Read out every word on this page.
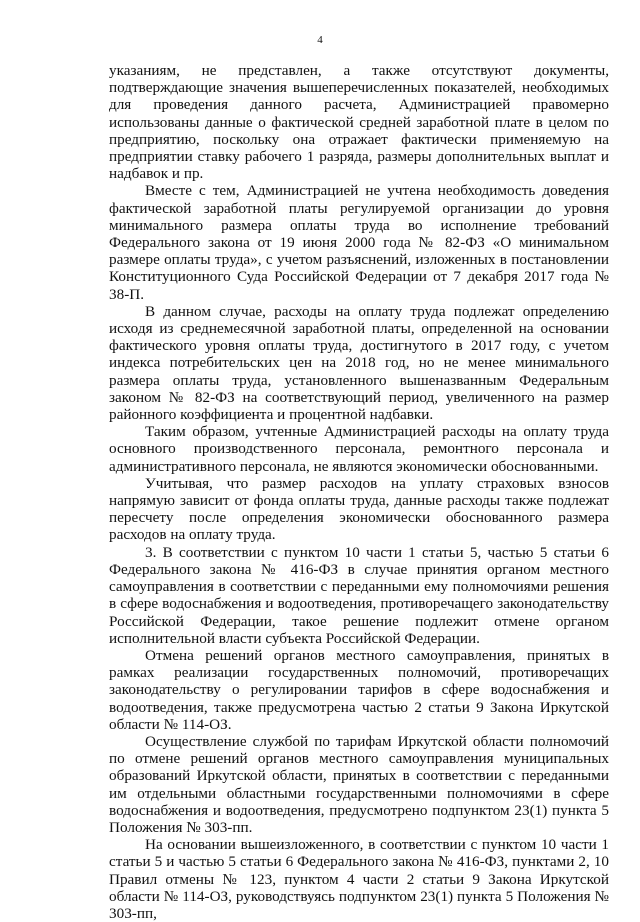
4

указаниям, не представлен, а также отсутствуют документы, подтверждающие значения вышеперечисленных показателей, необходимых для проведения данного расчета, Администрацией правомерно использованы данные о фактической средней заработной плате в целом по предприятию, поскольку она отражает фактически применяемую на предприятии ставку рабочего 1 разряда, размеры дополнительных выплат и надбавок и пр.

Вместе с тем, Администрацией не учтена необходимость доведения фактической заработной платы регулируемой организации до уровня минимального размера оплаты труда во исполнение требований Федерального закона от 19 июня 2000 года № 82-ФЗ «О минимальном размере оплаты труда», с учетом разъяснений, изложенных в постановлении Конституционного Суда Российской Федерации от 7 декабря 2017 года № 38-П.

В данном случае, расходы на оплату труда подлежат определению исходя из среднемесячной заработной платы, определенной на основании фактического уровня оплаты труда, достигнутого в 2017 году, с учетом индекса потребительских цен на 2018 год, но не менее минимального размера оплаты труда, установленного вышеназванным Федеральным законом № 82-ФЗ на соответствующий период, увеличенного на размер районного коэффициента и процентной надбавки.

Таким образом, учтенные Администрацией расходы на оплату труда основного производственного персонала, ремонтного персонала и административного персонала, не являются экономически обоснованными.

Учитывая, что размер расходов на уплату страховых взносов напрямую зависит от фонда оплаты труда, данные расходы также подлежат пересчету после определения экономически обоснованного размера расходов на оплату труда.

3. В соответствии с пунктом 10 части 1 статьи 5, частью 5 статьи 6 Федерального закона № 416-ФЗ в случае принятия органом местного самоуправления в соответствии с переданными ему полномочиями решения в сфере водоснабжения и водоотведения, противоречащего законодательству Российской Федерации, такое решение подлежит отмене органом исполнительной власти субъекта Российской Федерации.

Отмена решений органов местного самоуправления, принятых в рамках реализации государственных полномочий, противоречащих законодательству о регулировании тарифов в сфере водоснабжения и водоотведения, также предусмотрена частью 2 статьи 9 Закона Иркутской области № 114-ОЗ.

Осуществление службой по тарифам Иркутской области полномочий по отмене решений органов местного самоуправления муниципальных образований Иркутской области, принятых в соответствии с переданными им отдельными областными государственными полномочиями в сфере водоснабжения и водоотведения, предусмотрено подпунктом 23(1) пункта 5 Положения № 303-пп.

На основании вышеизложенного, в соответствии с пунктом 10 части 1 статьи 5 и частью 5 статьи 6 Федерального закона № 416-ФЗ, пунктами 2, 10 Правил отмены № 123, пунктом 4 части 2 статьи 9 Закона Иркутской области № 114-ОЗ, руководствуясь подпунктом 23(1) пункта 5 Положения № 303-пп,
